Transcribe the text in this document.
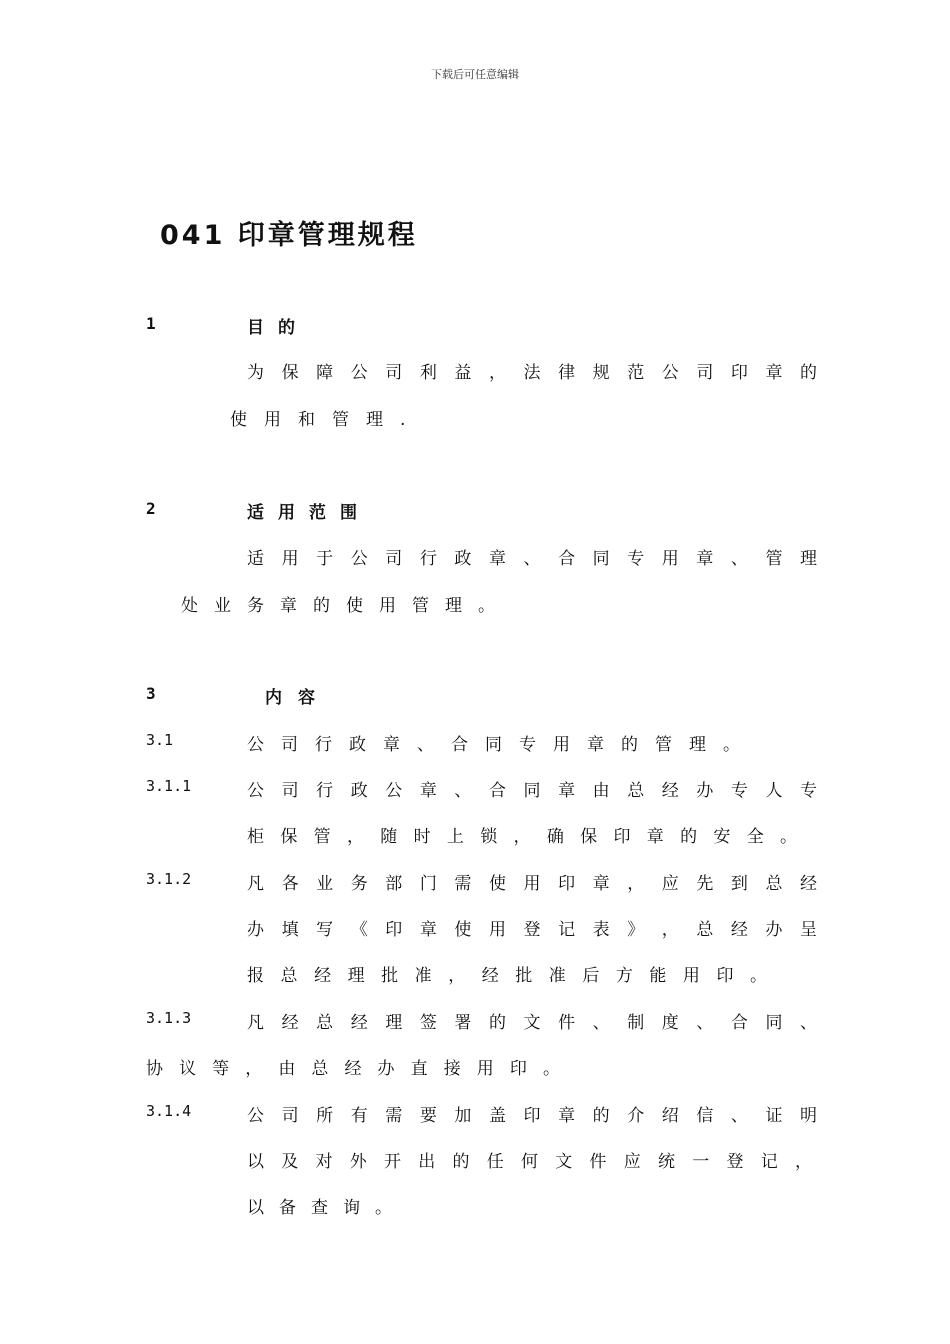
下载后可任意编辑
041 印章管理规程
1	目的
为 保 障 公 司 利 益 ， 法 律 规 范 公 司 印 章 的
使用和管理.
2	适用范围
适 用 于 公 司 行 政 章 、 合 同 专 用 章 、 管 理
处业务章的使用管理。
3	内容
3.1	公司行政章、合同专用章的管理。
3.1.1	公 司 行 政 公 章 、 合 同 章 由 总 经 办 专 人 专
柜 保 管 ， 随 时 上 锁 ， 确 保 印 章 的 安 全 。
3.1.2	凡 各 业 务 部 门 需 使 用 印 章 ， 应 先 到 总 经
办 填 写 《 印 章 使 用 登 记 表 》 ， 总 经 办 呈
报 总 经 理 批 准 ， 经 批 准 后 方 能 用 印 。
3.1.3	凡 经 总 经 理 签 署 的 文 件 、 制 度 、 合 同 、
协 议 等 ， 由 总 经 办 直 接 用 印 。
3.1.4	公 司 所 有 需 要 加 盖 印 章 的 介 绍 信 、 证 明
以 及 对 外 开 出 的 任 何 文 件 应 统 一 登 记 ，
以 备 查 询 。
